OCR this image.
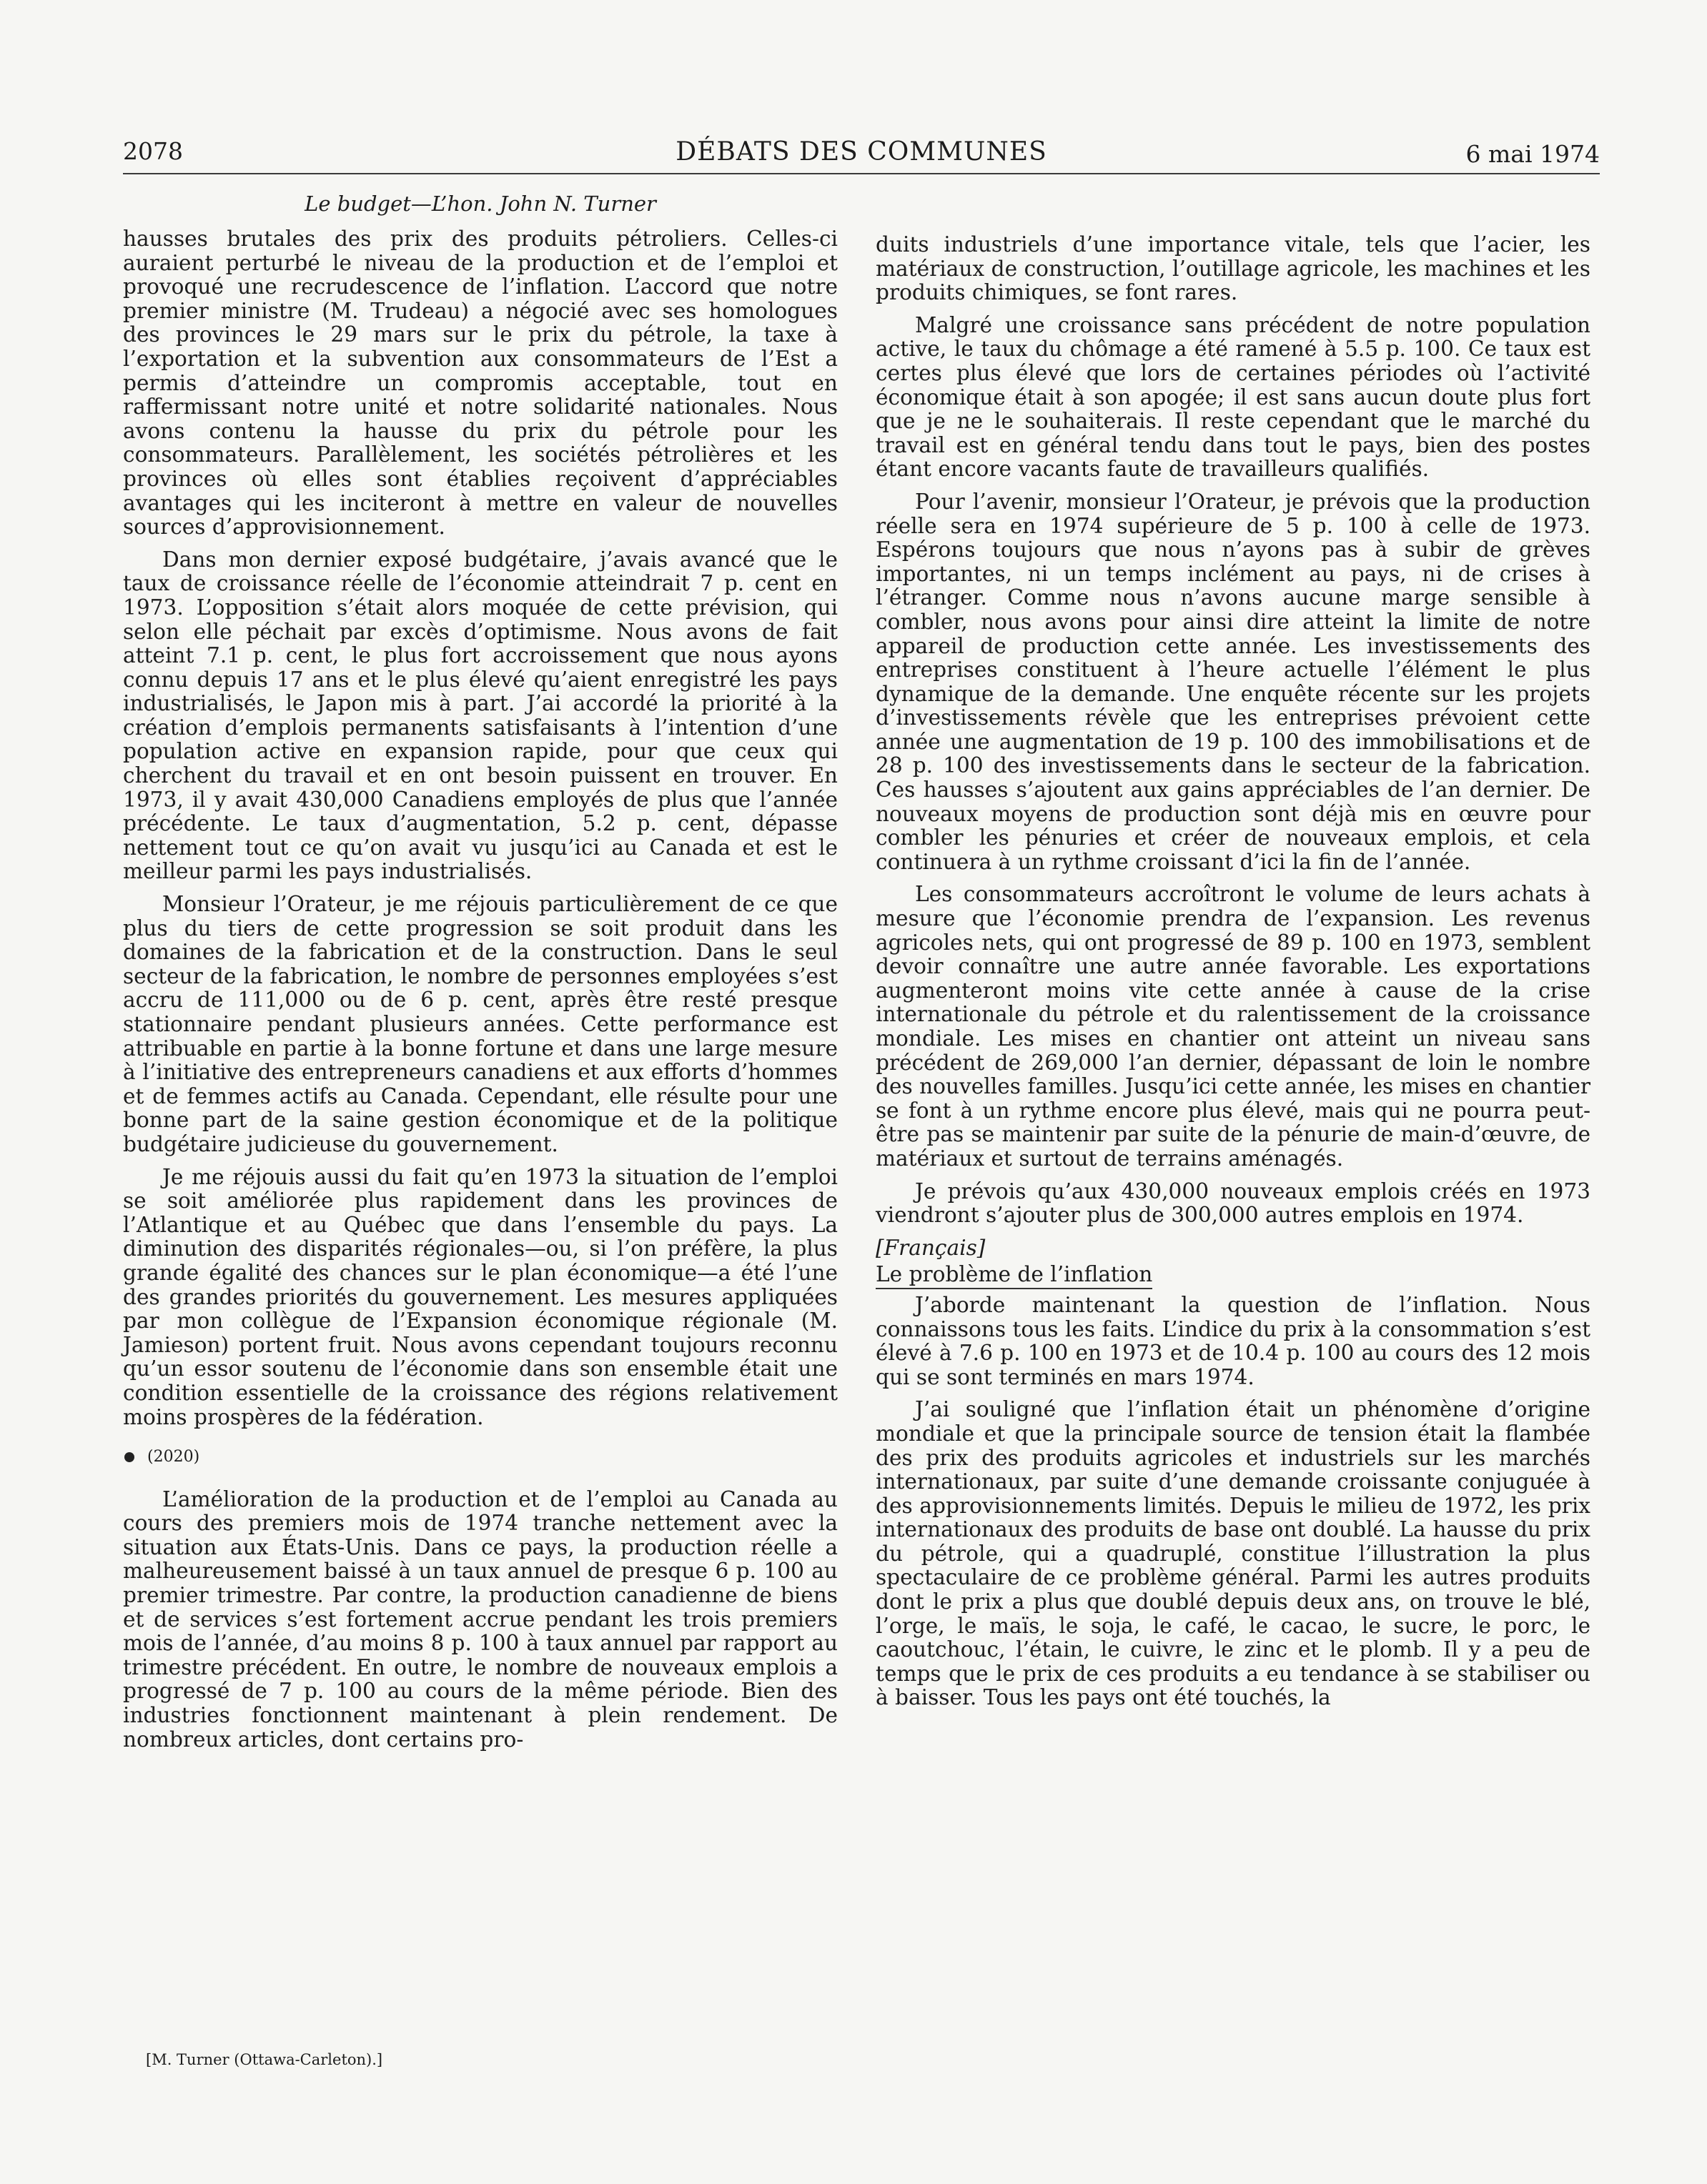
2078	DÉBATS DES COMMUNES	6 mai 1974
Le budget—L’hon. John N. Turner

hausses brutales des prix des produits pétroliers. Celles-ci auraient perturbé le niveau de la production et de l’emploi et provoqué une recrudescence de l’inflation. L’accord que notre premier ministre (M. Trudeau) a négocié avec ses homologues des provinces le 29 mars sur le prix du pétrole, la taxe à l’exportation et la subvention aux consommateurs de l’Est a permis d’atteindre un compromis acceptable, tout en raffermissant notre unité et notre solidarité nationales. Nous avons contenu la hausse du prix du pétrole pour les consommateurs. Parallèlement, les sociétés pétrolières et les provinces où elles sont établies reçoivent d’appréciables avantages qui les inciteront à mettre en valeur de nouvelles sources d’approvisionnement.

Dans mon dernier exposé budgétaire, j’avais avancé que le taux de croissance réelle de l’économie atteindrait 7 p. cent en 1973. L’opposition s’était alors moquée de cette prévision, qui selon elle péchait par excès d’optimisme. Nous avons de fait atteint 7.1 p. cent, le plus fort accroissement que nous ayons connu depuis 17 ans et le plus élevé qu’aient enregistré les pays industrialisés, le Japon mis à part. J’ai accordé la priorité à la création d’emplois permanents satisfaisants à l’intention d’une population active en expansion rapide, pour que ceux qui cherchent du travail et en ont besoin puissent en trouver. En 1973, il y avait 430,000 Canadiens employés de plus que l’année précédente. Le taux d’augmentation, 5.2 p. cent, dépasse nettement tout ce qu’on avait vu jusqu’ici au Canada et est le meilleur parmi les pays industrialisés.

Monsieur l’Orateur, je me réjouis particulièrement de ce que plus du tiers de cette progression se soit produit dans les domaines de la fabrication et de la construction. Dans le seul secteur de la fabrication, le nombre de personnes employées s’est accru de 111,000 ou de 6 p. cent, après être resté presque stationnaire pendant plusieurs années. Cette performance est attribuable en partie à la bonne fortune et dans une large mesure à l’initiative des entrepreneurs canadiens et aux efforts d’hommes et de femmes actifs au Canada. Cependant, elle résulte pour une bonne part de la saine gestion économique et de la politique budgétaire judicieuse du gouvernement.

Je me réjouis aussi du fait qu’en 1973 la situation de l’emploi se soit améliorée plus rapidement dans les provinces de l’Atlantique et au Québec que dans l’ensemble du pays. La diminution des disparités régionales—ou, si l’on préfère, la plus grande égalité des chances sur le plan économique—a été l’une des grandes priorités du gouvernement. Les mesures appliquées par mon collègue de l’Expansion économique régionale (M. Jamieson) portent fruit. Nous avons cependant toujours reconnu qu’un essor soutenu de l’économie dans son ensemble était une condition essentielle de la croissance des régions relativement moins prospères de la fédération.

(2020)

L’amélioration de la production et de l’emploi au Canada au cours des premiers mois de 1974 tranche nettement avec la situation aux États-Unis. Dans ce pays, la production réelle a malheureusement baissé à un taux annuel de presque 6 p. 100 au premier trimestre. Par contre, la production canadienne de biens et de services s’est fortement accrue pendant les trois premiers mois de l’année, d’au moins 8 p. 100 à taux annuel par rapport au trimestre précédent. En outre, le nombre de nouveaux emplois a progressé de 7 p. 100 au cours de la même période. Bien des industries fonctionnent maintenant à plein rendement. De nombreux articles, dont certains pro-

duits industriels d’une importance vitale, tels que l’acier, les matériaux de construction, l’outillage agricole, les machines et les produits chimiques, se font rares.

Malgré une croissance sans précédent de notre population active, le taux du chômage a été ramené à 5.5 p. 100. Ce taux est certes plus élevé que lors de certaines périodes où l’activité économique était à son apogée; il est sans aucun doute plus fort que je ne le souhaiterais. Il reste cependant que le marché du travail est en général tendu dans tout le pays, bien des postes étant encore vacants faute de travailleurs qualifiés.

Pour l’avenir, monsieur l’Orateur, je prévois que la production réelle sera en 1974 supérieure de 5 p. 100 à celle de 1973. Espérons toujours que nous n’ayons pas à subir de grèves importantes, ni un temps inclément au pays, ni de crises à l’étranger. Comme nous n’avons aucune marge sensible à combler, nous avons pour ainsi dire atteint la limite de notre appareil de production cette année. Les investissements des entreprises constituent à l’heure actuelle l’élément le plus dynamique de la demande. Une enquête récente sur les projets d’investissements révèle que les entreprises prévoient cette année une augmentation de 19 p. 100 des immobilisations et de 28 p. 100 des investissements dans le secteur de la fabrication. Ces hausses s’ajoutent aux gains appréciables de l’an dernier. De nouveaux moyens de production sont déjà mis en œuvre pour combler les pénuries et créer de nouveaux emplois, et cela continuera à un rythme croissant d’ici la fin de l’année.

Les consommateurs accroîtront le volume de leurs achats à mesure que l’économie prendra de l’expansion. Les revenus agricoles nets, qui ont progressé de 89 p. 100 en 1973, semblent devoir connaître une autre année favorable. Les exportations augmenteront moins vite cette année à cause de la crise internationale du pétrole et du ralentissement de la croissance mondiale. Les mises en chantier ont atteint un niveau sans précédent de 269,000 l’an dernier, dépassant de loin le nombre des nouvelles familles. Jusqu’ici cette année, les mises en chantier se font à un rythme encore plus élevé, mais qui ne pourra peut-être pas se maintenir par suite de la pénurie de main-d’œuvre, de matériaux et surtout de terrains aménagés.

Je prévois qu’aux 430,000 nouveaux emplois créés en 1973 viendront s’ajouter plus de 300,000 autres emplois en 1974.

[Français]
Le problème de l’inflation

J’aborde maintenant la question de l’inflation. Nous connaissons tous les faits. L’indice du prix à la consommation s’est élevé à 7.6 p. 100 en 1973 et de 10.4 p. 100 au cours des 12 mois qui se sont terminés en mars 1974.

J’ai souligné que l’inflation était un phénomène d’origine mondiale et que la principale source de tension était la flambée des prix des produits agricoles et industriels sur les marchés internationaux, par suite d’une demande croissante conjuguée à des approvisionnements limités. Depuis le milieu de 1972, les prix internationaux des produits de base ont doublé. La hausse du prix du pétrole, qui a quadruplé, constitue l’illustration la plus spectaculaire de ce problème général. Parmi les autres produits dont le prix a plus que doublé depuis deux ans, on trouve le blé, l’orge, le maïs, le soja, le café, le cacao, le sucre, le porc, le caoutchouc, l’étain, le cuivre, le zinc et le plomb. Il y a peu de temps que le prix de ces produits a eu tendance à se stabiliser ou à baisser. Tous les pays ont été touchés, la

[M. Turner (Ottawa-Carleton).]
